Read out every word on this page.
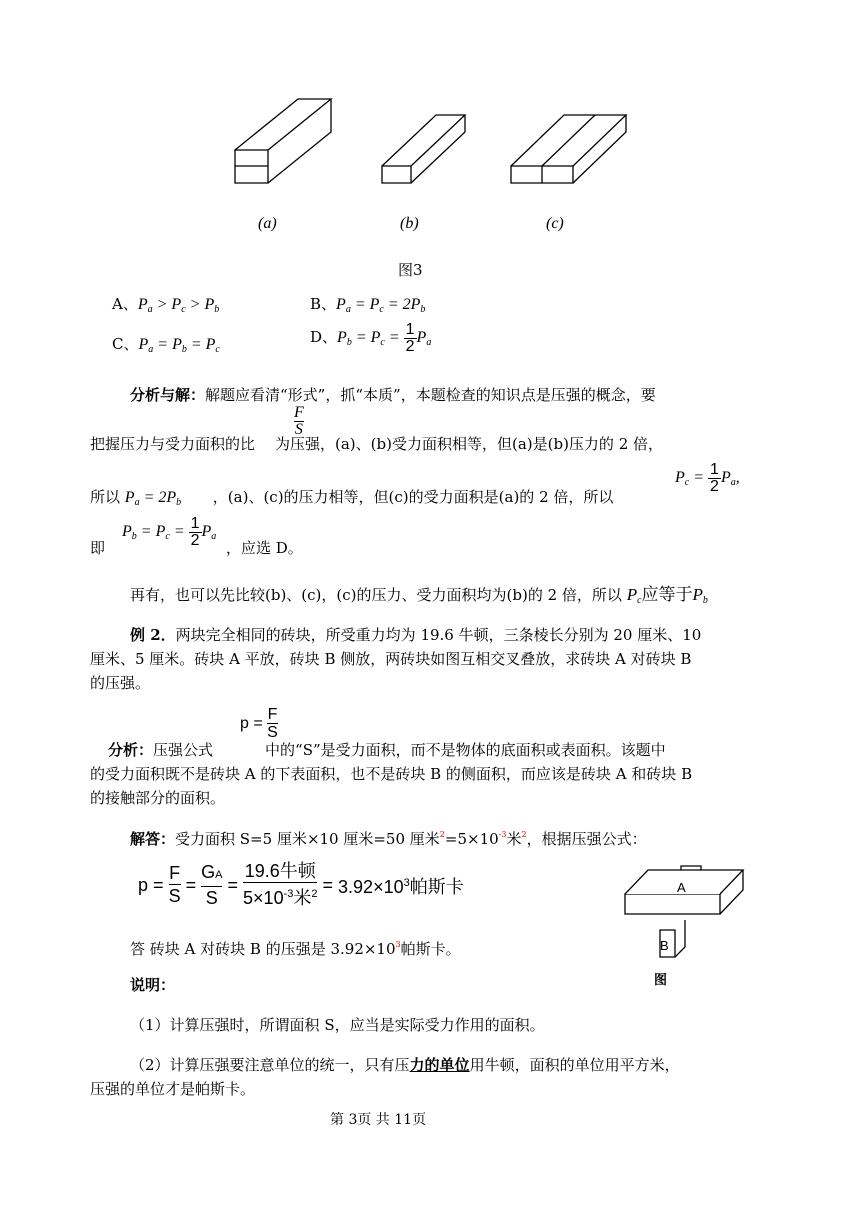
(a)	(b)	(c)
图3
A、$P_a > P_c > P_b$	B、$P_a = P_c = 2P_b$
C、$P_a = P_b = P_c$
D、$P_b = P_c = \frac{1}{2} P_a$
分析与解：解题应看清“形式”，抓“本质”，本题检查的知识点是压强的概念，要
F
S
把握压力与受力面积的比 为压强，(a)、(b)受力面积相等，但(a)是(b)压力的 2 倍，
所以 $P_a = 2P_b$ ，(a)、(c)的压力相等，但(c)的受力面积是(a)的 2 倍，所以
$P_c = \frac{1}{2} P_a$,
即
$P_b = P_c = \frac{1}{2} P_a$
，应选 D。
再有，也可以先比较(b)、(c)，(c)的压力、受力面积均为(b)的 2 倍，所以 $P_c$应等于$P_b$
例 2．两块完全相同的砖块，所受重力均为 19.6 牛顿，三条棱长分别为 20 厘米、10
厘米、5 厘米。砖块 A 平放，砖块 B 侧放，两砖块如图互相交叉叠放，求砖块 A 对砖块 B
的压强。
$p = \frac{F}{S}$
分析：压强公式	中的“S”是受力面积，而不是物体的底面积或表面积。该题中
的受力面积既不是砖块 A 的下表面积，也不是砖块 B 的侧面积，而应该是砖块 A 和砖块 B
的接触部分的面积。
解答：受力面积 S=5 厘米×10 厘米=50 厘米$^2=5\times 10^{-3}$米$^2$，根据压强公式：
$p = \frac{F}{S} = \frac{GA}{S}$ =
19.6牛顿
$5\times 10^{-3}$米$^2 = 3.92\times 10^3$帕斯卡
答 砖块 A 对砖块 B 的压强是 $3.92\times 10^3$帕斯卡。
A
B
图
说明：
（1）计算压强时，所谓面积 S，应当是实际受力作用的面积。
（2）计算压强要注意单位的统一，只有压力的单位用牛顿，面积的单位用平方米，
压强的单位才是帕斯卡。
第 3页 共 11页
